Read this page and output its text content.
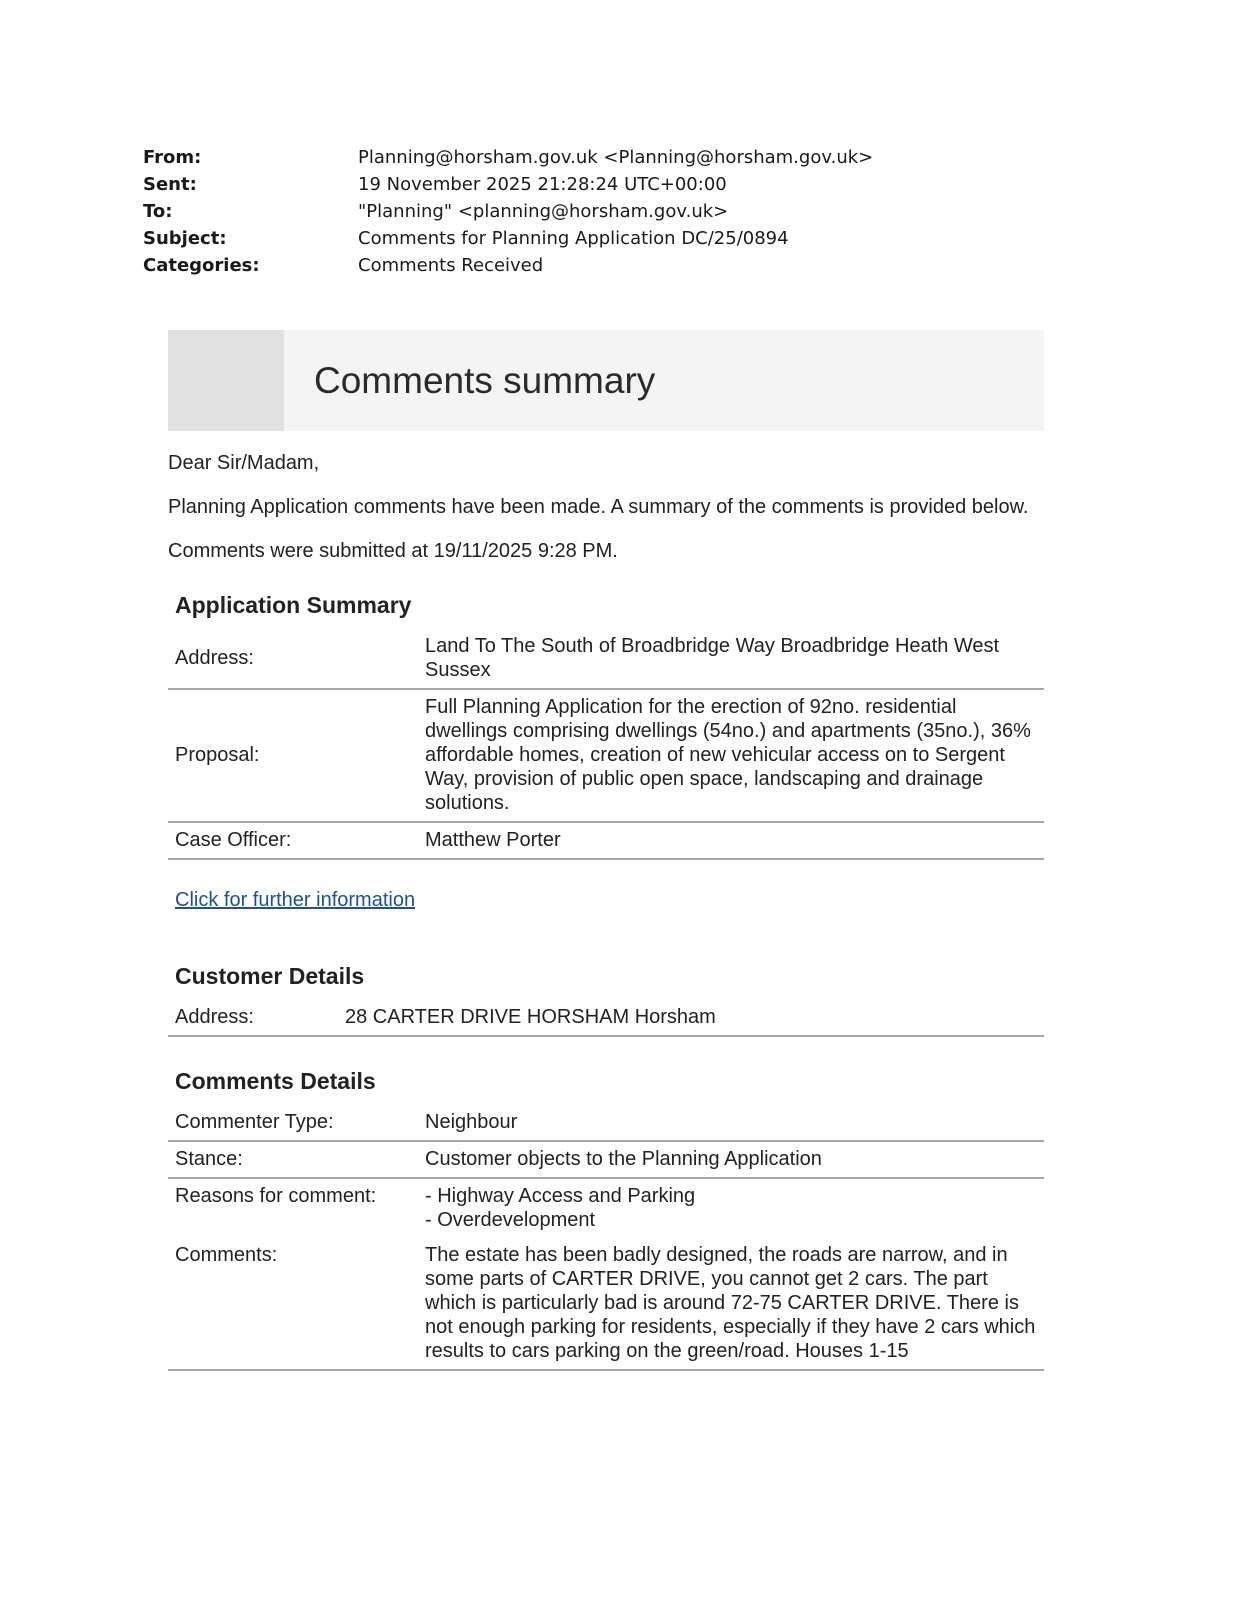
From:	Planning@horsham.gov.uk <Planning@horsham.gov.uk>
Sent:	19 November 2025 21:28:24 UTC+00:00
To:	"Planning" <planning@horsham.gov.uk>
Subject:	Comments for Planning Application DC/25/0894
Categories:	Comments Received
Comments summary

Dear Sir/Madam,

Planning Application comments have been made. A summary of the comments is provided below.

Comments were submitted at 19/11/2025 9:28 PM.

Application Summary
Address:	Land To The South of Broadbridge Way Broadbridge Heath West Sussex
Proposal:	Full Planning Application for the erection of 92no. residential dwellings comprising dwellings (54no.) and apartments (35no.), 36% affordable homes, creation of new vehicular access on to Sergent Way, provision of public open space, landscaping and drainage solutions.
Case Officer:	Matthew Porter
Click for further information
Customer Details
Address:	28 CARTER DRIVE HORSHAM Horsham
Comments Details
Commenter Type:	Neighbour
Stance:	Customer objects to the Planning Application
Reasons for comment:	- Highway Access and Parking
- Overdevelopment

Comments:	The estate has been badly designed, the roads are narrow, and in some parts of CARTER DRIVE, you cannot get 2 cars. The part which is particularly bad is around 72-75 CARTER DRIVE. There is not enough parking for residents, especially if they have 2 cars which results to cars parking on the green/road. Houses 1-15
